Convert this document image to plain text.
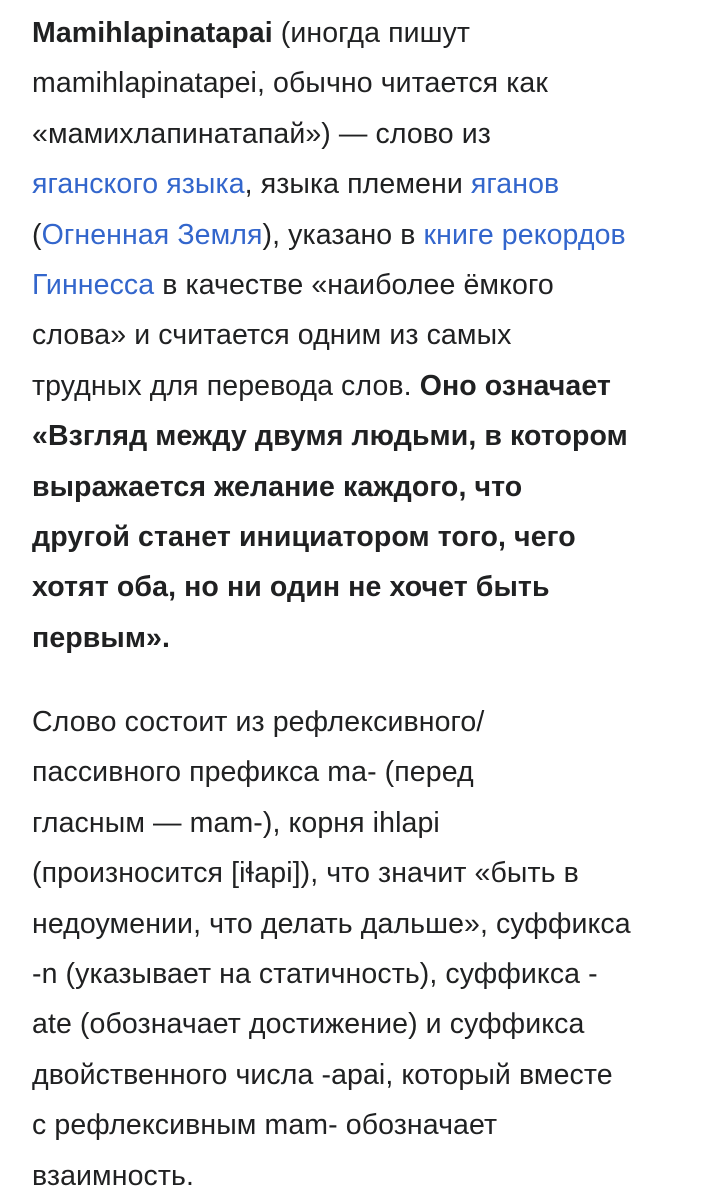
Mamihlapinatapai (иногда пишут
mamihlapinatapei, обычно читается как
«мамихлапинатапай») — слово из
яганского языка, языка племени яганов
(Огненная Земля), указано в книге рекордов
Гиннесса в качестве «наиболее ёмкого
слова» и считается одним из самых
трудных для перевода слов. Оно означает
«Взгляд между двумя людьми, в котором
выражается желание каждого, что
другой станет инициатором того, чего
хотят оба, но ни один не хочет быть
первым».
Слово состоит из рефлексивного/
пассивного префикса ma- (перед
гласным — mam-), корня ihlapi
(произносится [iɬapi]), что значит «быть в
недоумении, что делать дальше», суффикса
-n (указывает на статичность), суффикса -
ate (обозначает достижение) и суффикса
двойственного числа -apai, который вместе
с рефлексивным mam- обозначает
взаимность.
